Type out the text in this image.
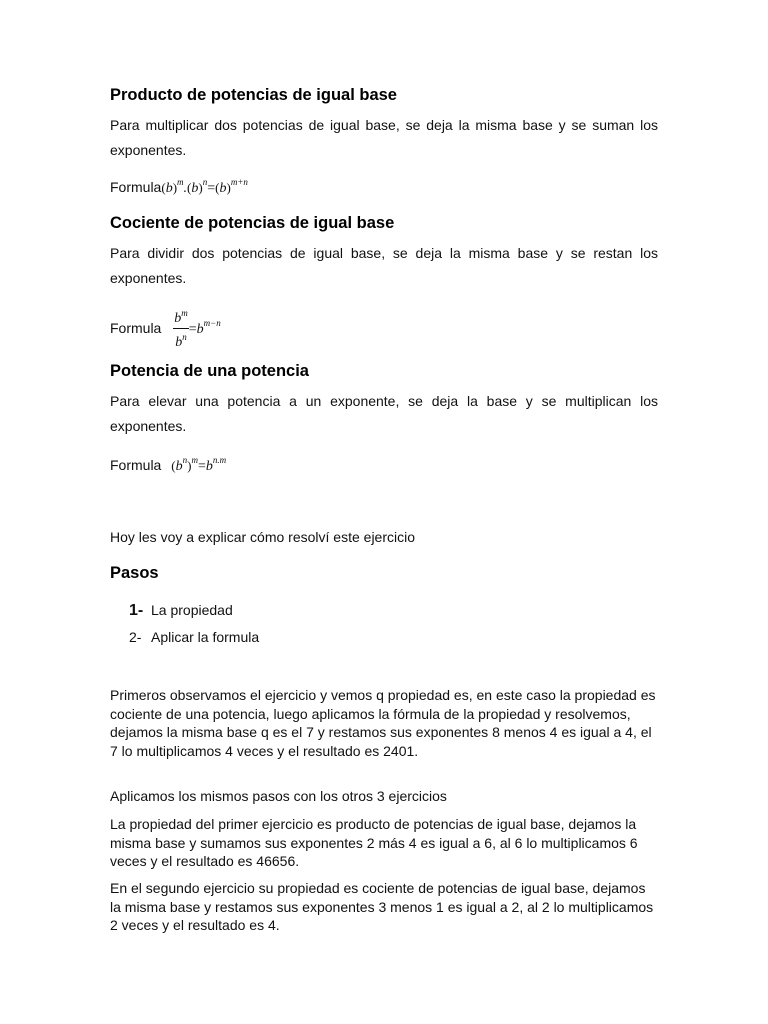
Producto de potencias de igual base
Para multiplicar dos potencias de igual base, se deja la misma base y se suman los exponentes.
$Formula(b)^m.(b)^n=(b)^{m+n}$
Cociente de potencias de igual base
Para dividir dos potencias de igual base, se deja la misma base y se restan los exponentes.
Formula $\frac{b^m}{b^n} =b^{m-n}$
Potencia de una potencia
Para elevar una potencia a un exponente, se deja la base y se multiplican los exponentes.
Formula $(b^n)^m=b^{n.m}$
Hoy les voy a explicar cómo resolví este ejercicio
Pasos
1- La propiedad
2- Aplicar la formula
Primeros observamos el ejercicio y vemos q propiedad es, en este caso la propiedad es cociente de una potencia, luego aplicamos la fórmula de la propiedad y resolvemos, dejamos la misma base q es el 7 y restamos sus exponentes 8 menos 4 es igual a 4, el 7 lo multiplicamos 4 veces y el resultado es 2401.
Aplicamos los mismos pasos con los otros 3 ejercicios
La propiedad del primer ejercicio es producto de potencias de igual base, dejamos la misma base y sumamos sus exponentes 2 más 4 es igual a 6, al 6 lo multiplicamos 6 veces y el resultado es 46656.
En el segundo ejercicio su propiedad es cociente de potencias de igual base, dejamos la misma base y restamos sus exponentes 3 menos 1 es igual a 2, al 2 lo multiplicamos 2 veces y el resultado es 4.
